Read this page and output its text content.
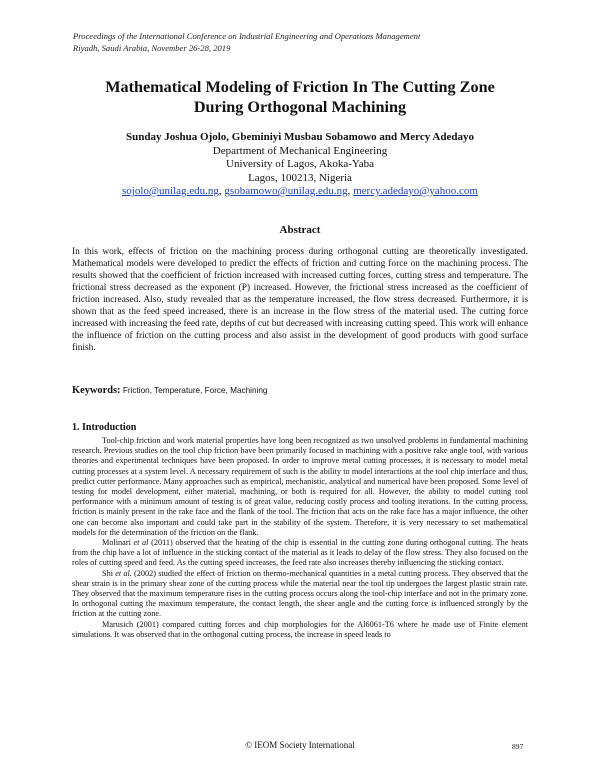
Proceedings of the International Conference on Industrial Engineering and Operations Management
Riyadh, Saudi Arabia, November 26-28, 2019
Mathematical Modeling of Friction In The Cutting Zone
During Orthogonal Machining
Sunday Joshua Ojolo, Gbeminiyi Musbau Sobamowo and Mercy Adedayo
Department of Mechanical Engineering
University of Lagos, Akoka-Yaba
Lagos, 100213, Nigeria
sojolo@unilag.edu.ng, gsobamowo@unilag.edu.ng, mercy.adedayo@yahoo.com
Abstract
In this work, effects of friction on the machining process during orthogonal cutting are theoretically investigated. Mathematical models were developed to predict the effects of friction and cutting force on the machining process. The results showed that the coefficient of friction increased with increased cutting forces, cutting stress and temperature. The frictional stress decreased as the exponent (P) increased. However, the frictional stress increased as the coefficient of friction increased. Also, study revealed that as the temperature increased, the flow stress decreased. Furthermore, it is shown that as the feed speed increased, there is an increase in the flow stress of the material used. The cutting force increased with increasing the feed rate, depths of cut but decreased with increasing cutting speed. This work will enhance the influence of friction on the cutting process and also assist in the development of good products with good surface finish.
Keywords: Friction, Temperature, Force, Machining
1. Introduction

Tool-chip friction and work material properties have long been recognized as two unsolved problems in fundamental machining research. Previous studies on the tool chip friction have been primarily focused in machining with a positive rake angle tool, with various theories and experimental techniques have been proposed. In order to improve metal cutting processes, it is necessary to model metal cutting processes at a system level. A necessary requirement of such is the ability to model interactions at the tool chip interface and thus, predict cutter performance. Many approaches such as empirical, mechanistic, analytical and numerical have been proposed. Some level of testing for model development, either material, machining, or both is required for all. However, the ability to model cutting tool performance with a minimum amount of testing is of great value, reducing costly process and tooling iterations. In the cutting process, friction is mainly present in the rake face and the flank of the tool. The friction that acts on the rake face has a major influence, the other one can become also important and could take part in the stability of the system. Therefore, it is very necessary to set mathematical models for the determination of the friction on the flank.

Molinari et al (2011) observed that the heating of the chip is essential in the cutting zone during orthogonal cutting. The heats from the chip have a lot of influence in the sticking contact of the material as it leads to delay of the flow stress. They also focused on the roles of cutting speed and feed. As the cutting speed increases, the feed rate also increases thereby influencing the sticking contact.

Shi et al. (2002) studied the effect of friction on thermo-mechanical quantities in a metal cutting process. They observed that the shear strain is in the primary shear zone of the cutting process while the material near the tool tip undergoes the largest plastic strain rate. They observed that the maximum temperature rises in the cutting process occurs along the tool-chip interface and not in the primary zone. In orthogonal cutting the maximum temperature, the contact length, the shear angle and the cutting force is influenced strongly by the friction at the cutting zone.

Marusich (2001) compared cutting forces and chip morphologies for the Al6061-T6 where he made use of Finite element simulations. It was observed that in the orthogonal cutting process, the increase in speed leads to

© IEOM Society International	897
